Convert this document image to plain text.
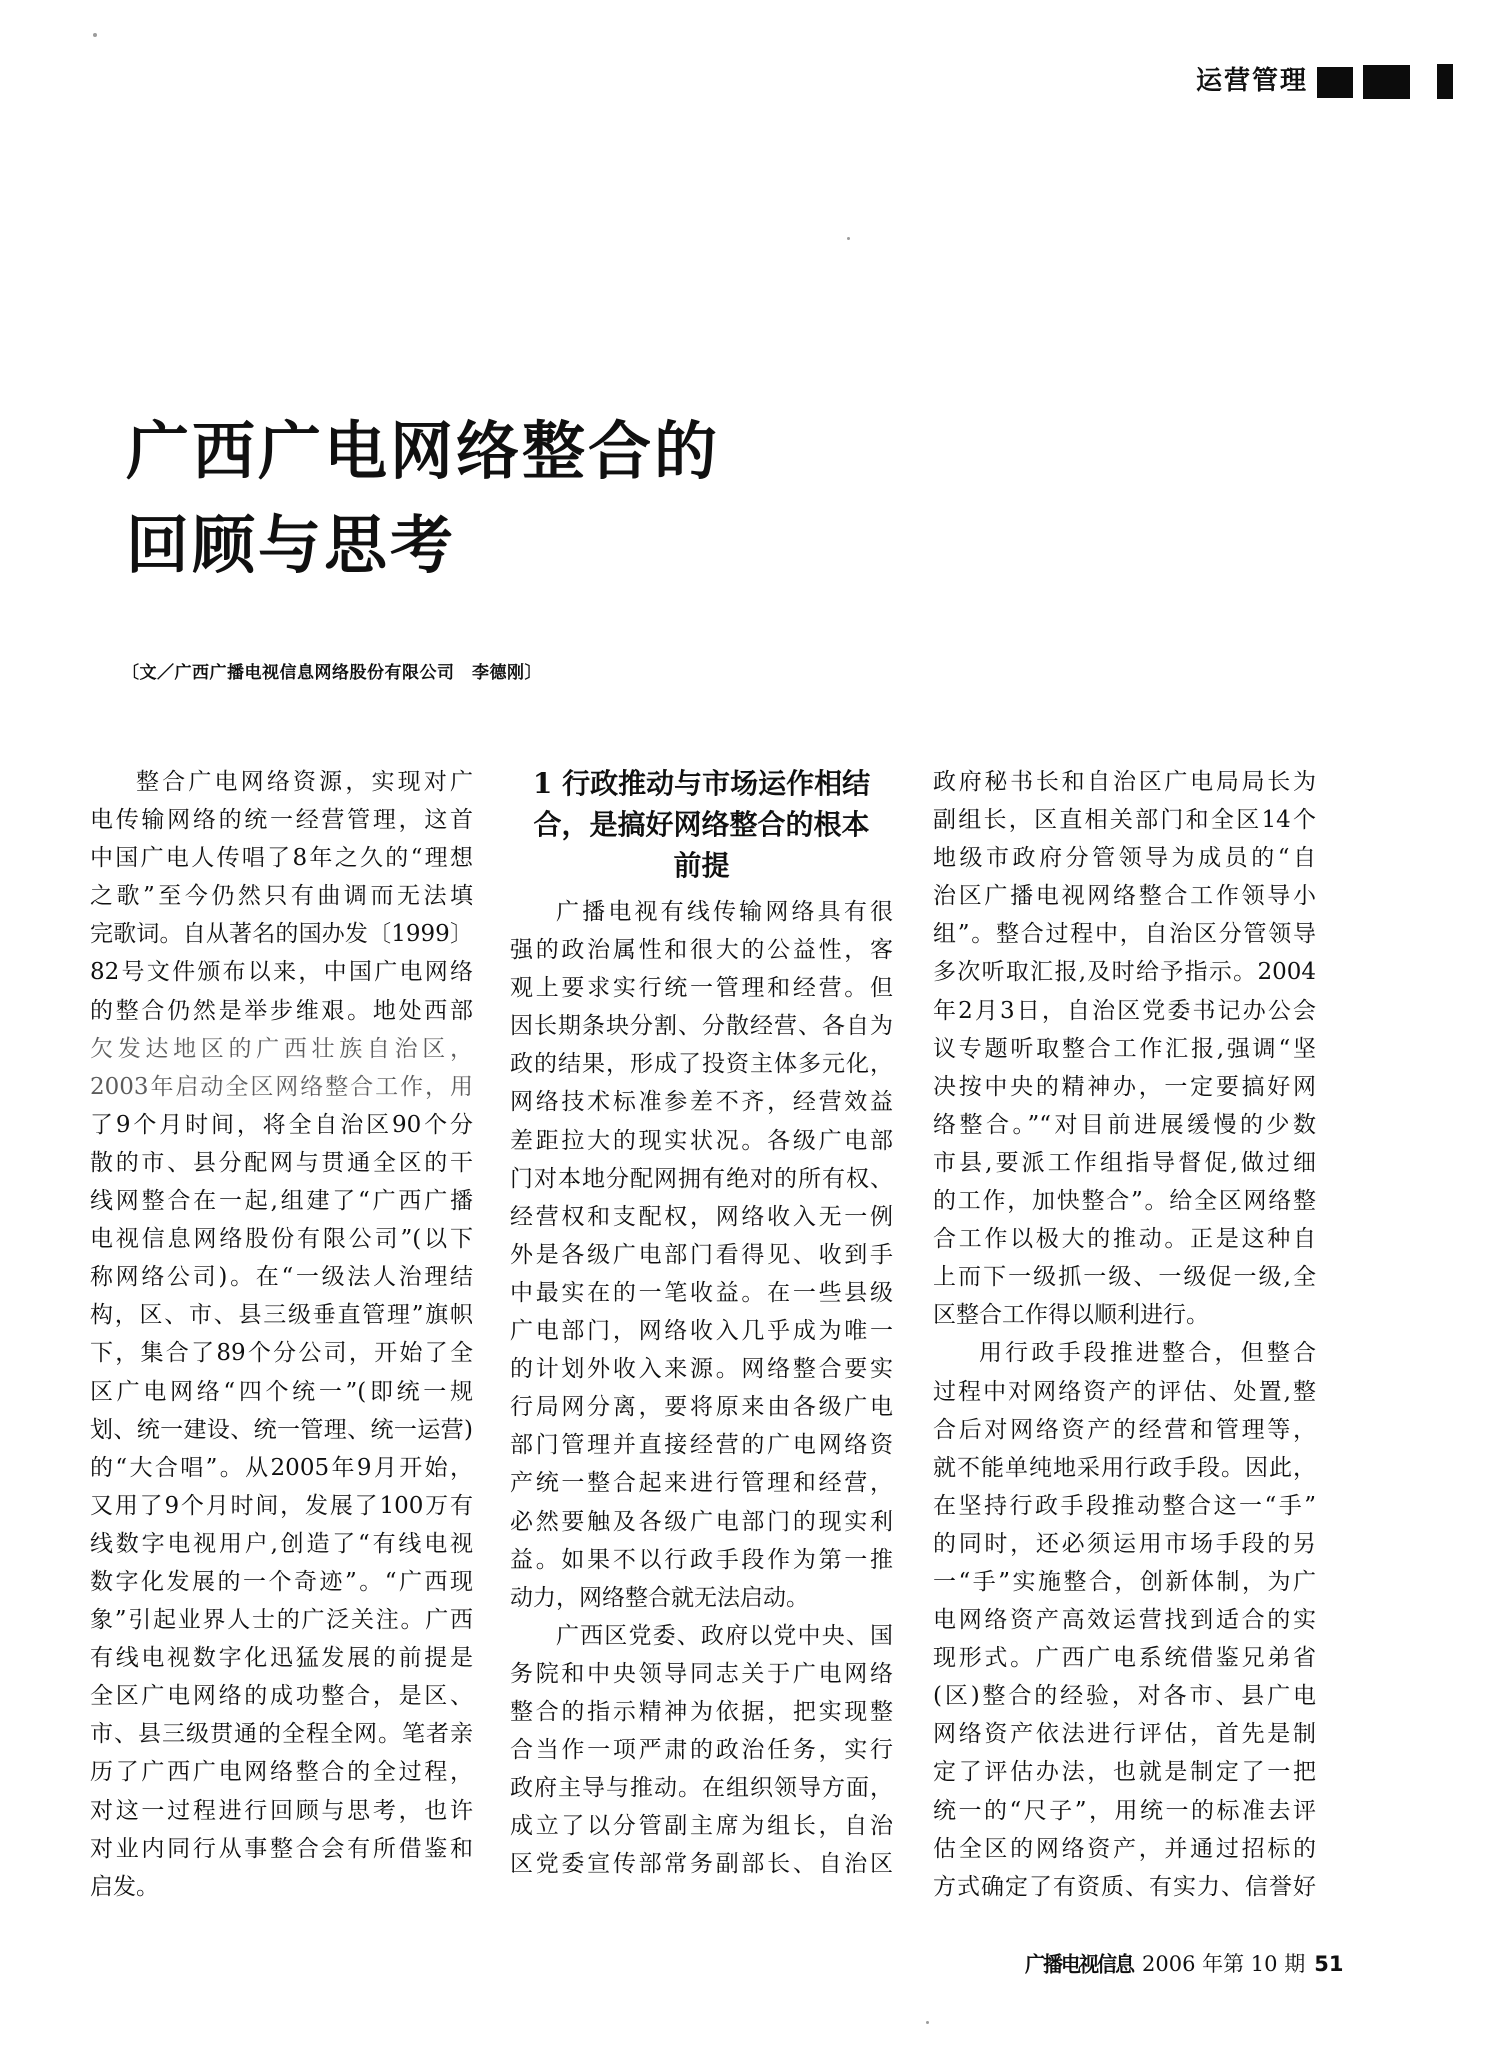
运营管理
广西广电网络整合的
回顾与思考
〔文／广西广播电视信息网络股份有限公司　李德刚〕
整合广电网络资源，实现对广
电传输网络的统一经营管理，这首
中国广电人传唱了8年之久的“理想
之歌”至今仍然只有曲调而无法填
完歌词。自从著名的国办发〔1999〕
82号文件颁布以来，中国广电网络
的整合仍然是举步维艰。地处西部
欠发达地区的广西壮族自治区，
2003年启动全区网络整合工作，用
了9个月时间，将全自治区90个分
散的市、县分配网与贯通全区的干
线网整合在一起,组建了“广西广播
电视信息网络股份有限公司”(以下
称网络公司)。在“一级法人治理结
构，区、市、县三级垂直管理”旗帜
下，集合了89个分公司，开始了全
区广电网络“四个统一”(即统一规
划、统一建设、统一管理、统一运营)
的“大合唱”。从2005年9月开始，
又用了9个月时间，发展了100万有
线数字电视用户,创造了“有线电视
数字化发展的一个奇迹”。“广西现
象”引起业界人士的广泛关注。广西
有线电视数字化迅猛发展的前提是
全区广电网络的成功整合，是区、
市、县三级贯通的全程全网。笔者亲
历了广西广电网络整合的全过程，
对这一过程进行回顾与思考，也许
对业内同行从事整合会有所借鉴和
启发。
1 行政推动与市场运作相结
合，是搞好网络整合的根本
前提
广播电视有线传输网络具有很
强的政治属性和很大的公益性，客
观上要求实行统一管理和经营。但
因长期条块分割、分散经营、各自为
政的结果，形成了投资主体多元化，
网络技术标准参差不齐，经营效益
差距拉大的现实状况。各级广电部
门对本地分配网拥有绝对的所有权、
经营权和支配权，网络收入无一例
外是各级广电部门看得见、收到手
中最实在的一笔收益。在一些县级
广电部门，网络收入几乎成为唯一
的计划外收入来源。网络整合要实
行局网分离，要将原来由各级广电
部门管理并直接经营的广电网络资
产统一整合起来进行管理和经营，
必然要触及各级广电部门的现实利
益。如果不以行政手段作为第一推
动力，网络整合就无法启动。
广西区党委、政府以党中央、国
务院和中央领导同志关于广电网络
整合的指示精神为依据，把实现整
合当作一项严肃的政治任务，实行
政府主导与推动。在组织领导方面，
成立了以分管副主席为组长，自治
区党委宣传部常务副部长、自治区
政府秘书长和自治区广电局局长为
副组长，区直相关部门和全区14个
地级市政府分管领导为成员的“自
治区广播电视网络整合工作领导小
组”。整合过程中，自治区分管领导
多次听取汇报,及时给予指示。2004
年2月3日，自治区党委书记办公会
议专题听取整合工作汇报,强调“坚
决按中央的精神办，一定要搞好网
络整合。”“对目前进展缓慢的少数
市县,要派工作组指导督促,做过细
的工作，加快整合”。给全区网络整
合工作以极大的推动。正是这种自
上而下一级抓一级、一级促一级,全
区整合工作得以顺利进行。
用行政手段推进整合，但整合
过程中对网络资产的评估、处置,整
合后对网络资产的经营和管理等，
就不能单纯地采用行政手段。因此，
在坚持行政手段推动整合这一“手”
的同时，还必须运用市场手段的另
一“手”实施整合，创新体制，为广
电网络资产高效运营找到适合的实
现形式。广西广电系统借鉴兄弟省
(区)整合的经验，对各市、县广电
网络资产依法进行评估，首先是制
定了评估办法，也就是制定了一把
统一的“尺子”，用统一的标准去评
估全区的网络资产，并通过招标的
方式确定了有资质、有实力、信誉好
广播电视信息 2006 年第 10 期 51
